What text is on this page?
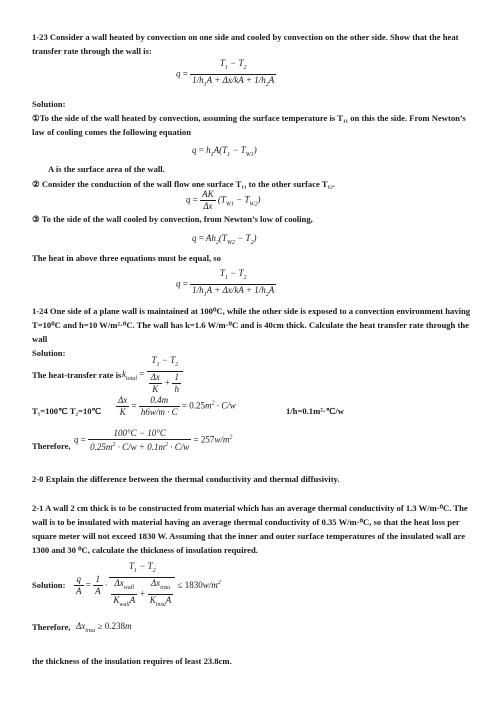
1-23 Consider a wall heated by convection on one side and cooled by convection on the other side. Show that the heat transfer rate through the wall is:

$q = \frac{T_1 - T_2}{1/h_1A + \Delta x/kA + 1/h_2A}$

Solution:

①To the side of the wall heated by convection, assuming the surface temperature is T₁₁ on this the side. From Newton’s law of cooling comes the following equation

$q = h_1A(T_1 - T_{W1})$

A is the surface area of the wall.

② Consider the conduction of the wall flow one surface T₁₁ to the other surface T₁₂.

$q = \frac{AK}{\Delta x} (T_{W1} - T_{W2})$

③ To the side of the wall cooled by convection, from Newton’s low of cooling,

$q = Ah_2(T_{W2} - T_2)$

The heat in above three equations must be equal, so

$q = \frac{T_1 - T_2}{1/h_1A + \Delta x/kA + 1/h_2A}$

1-24 One side of a plane wall is maintained at 100⁰C, while the other side is exposed to a convection environment having T=10⁰C and h=10 W/m²·⁰C. The wall has k=1.6 W/m·⁰C and is 40cm thick. Calculate the heat transfer rate through the wall

Solution:

The heat-transfer rate is $k_{total} = \frac{T_1 - T_2}{\frac{\Delta x}{K} + \frac{1}{h}}$

T₁=100℃ T₂=10℃ $\frac{\Delta x}{K} = \frac{0.4m}{h6w/m \cdot C} = 0.25m^2 \cdot C/w$

1/h=0.1m²·℃/w

Therefore,

$q = \frac{100^\circ C - 10^\circ C}{0.25m^2 \cdot C/w + 0.1m^2 \cdot C/w} = 257w/m^2$

2-0 Explain the difference between the thermal conductivity and thermal diffusivity.

2-1 A wall 2 cm thick is to be constructed from material which has an average thermal conductivity of 1.3 W/m·⁰C. The wall is to be insulated with material having an average thermal conductivity of 0.35 W/m·⁰C, so that the heat loss per square meter will not exceed 1830 W. Assuming that the inner and outer surface temperatures of the insulated wall are 1300 and 30 ⁰C, calculate the thickness of insulation required.

Solution: $\frac{q}{A} = \frac{1}{A} \cdot \frac{T_1 - T_2}{\frac{\Delta x_{wall}}{K_{wall}A} + \frac{\Delta x_{insu}}{K_{insu}A}} \le 1830w/m^2$

Therefore, $\Delta x_{insu} \ge 0.238m$

the thickness of the insulation requires of least 23.8cm.
